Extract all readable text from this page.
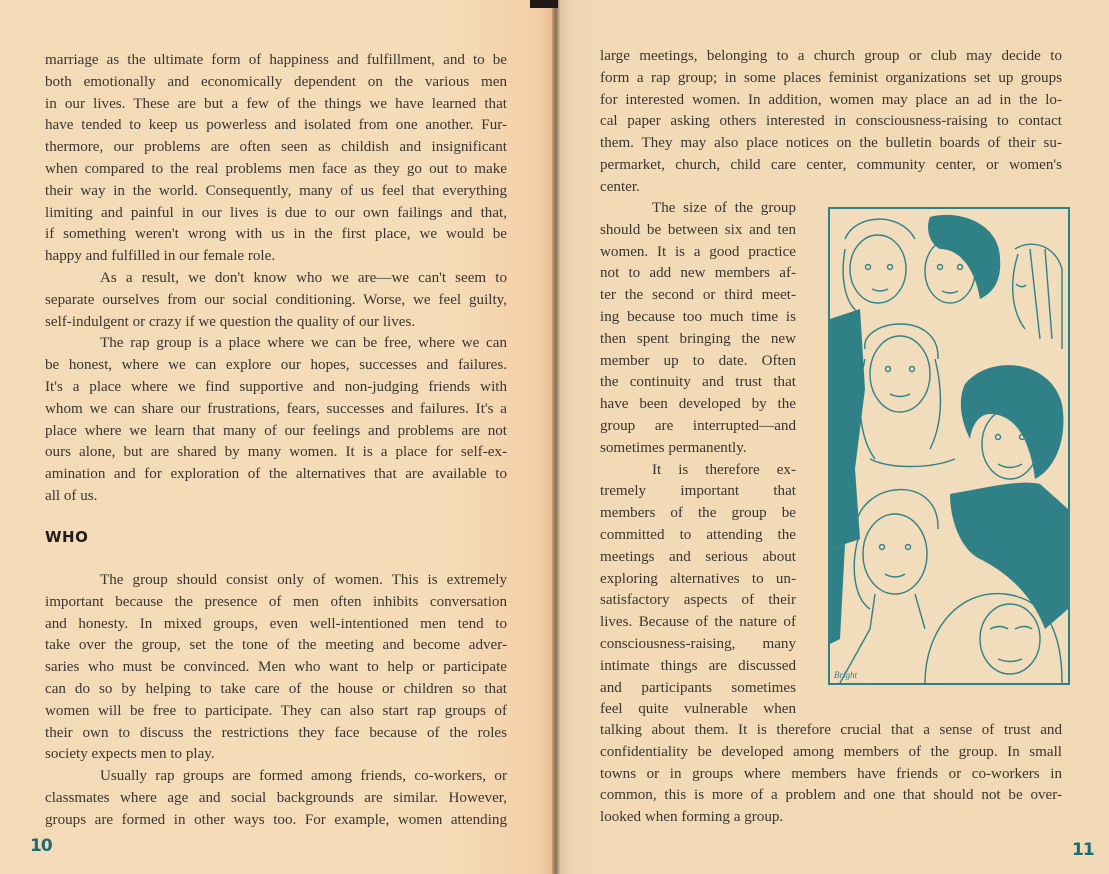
marriage as the ultimate form of happiness and fulfillment, and to be
both emotionally and economically dependent on the various men
in our lives. These are but a few of the things we have learned that
have tended to keep us powerless and isolated from one another. Fur-
thermore, our problems are often seen as childish and insignificant
when compared to the real problems men face as they go out to make
their way in the world. Consequently, many of us feel that everything
limiting and painful in our lives is due to our own failings and that,
if something weren't wrong with us in the first place, we would be
happy and fulfilled in our female role.
As a result, we don't know who we are—we can't seem to
separate ourselves from our social conditioning. Worse, we feel guilty,
self-indulgent or crazy if we question the quality of our lives.
The rap group is a place where we can be free, where we can
be honest, where we can explore our hopes, successes and failures.
It's a place where we find supportive and non-judging friends with
whom we can share our frustrations, fears, successes and failures. It's a
place where we learn that many of our feelings and problems are not
ours alone, but are shared by many women. It is a place for self-ex-
amination and for exploration of the alternatives that are available to
all of us.
WHO
The group should consist only of women. This is extremely
important because the presence of men often inhibits conversation
and honesty. In mixed groups, even well-intentioned men tend to
take over the group, set the tone of the meeting and become adver-
saries who must be convinced. Men who want to help or participate
can do so by helping to take care of the house or children so that
women will be free to participate. They can also start rap groups of
their own to discuss the restrictions they face because of the roles
society expects men to play.
Usually rap groups are formed among friends, co-workers, or
classmates where age and social backgrounds are similar. However,
groups are formed in other ways too. For example, women attending
10
large meetings, belonging to a church group or club may decide to
form a rap group; in some places feminist organizations set up groups
for interested women. In addition, women may place an ad in the lo-
cal paper asking others interested in consciousness-raising to contact
them. They may also place notices on the bulletin boards of their su-
permarket, church, child care center, community center, or women's
center.
The size of the group
should be between six and ten
women. It is a good practice
not to add new members af-
ter the second or third meet-
ing because too much time is
then spent bringing the new
member up to date. Often
the continuity and trust that
have been developed by the
group are interrupted—and
sometimes permanently.
It is therefore ex-
tremely important that
members of the group be
committed to attending the
meetings and serious about
exploring alternatives to un-
satisfactory aspects of their
lives. Because of the nature of
consciousness-raising, many
intimate things are discussed
and participants sometimes
feel quite vulnerable when
talking about them. It is therefore crucial that a sense of trust and
confidentiality be developed among members of the group. In small
towns or in groups where members have friends or co-workers in
common, this is more of a problem and one that should not be over-
looked when forming a group.
11
Bright
